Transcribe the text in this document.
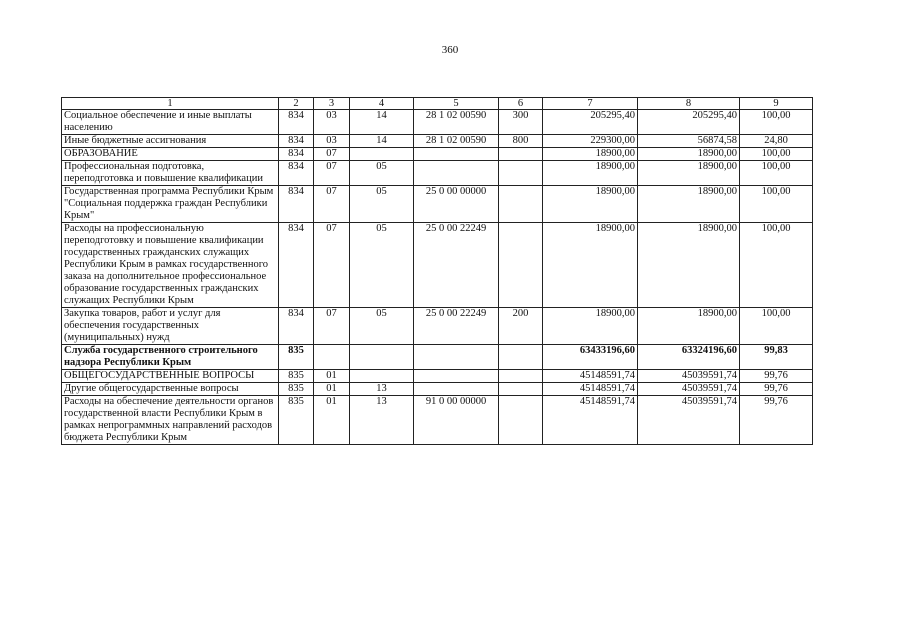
360
1	2	3	4	5	6	7	8	9
Социальное обеспечение и иные выплаты населению	834	03	14	28 1 02 00590	300	205295,40	205295,40	100,00
Иные бюджетные ассигнования	834	03	14	28 1 02 00590	800	229300,00	56874,58	24,80
ОБРАЗОВАНИЕ	834	07				18900,00	18900,00	100,00
Профессиональная подготовка, переподготовка и повышение квалификации	834	07	05			18900,00	18900,00	100,00
Государственная программа Республики Крым "Социальная поддержка граждан Республики Крым"	834	07	05	25 0 00 00000		18900,00	18900,00	100,00
Расходы на профессиональную переподготовку и повышение квалификации государственных гражданских служащих Республики Крым в рамках государственного заказа на дополнительное профессиональное образование государственных гражданских служащих Республики Крым	834	07	05	25 0 00 22249		18900,00	18900,00	100,00
Закупка товаров, работ и услуг для обеспечения государственных (муниципальных) нужд	834	07	05	25 0 00 22249	200	18900,00	18900,00	100,00
Служба государственного строительного надзора Республики Крым	835					63433196,60	63324196,60	99,83
ОБЩЕГОСУДАРСТВЕННЫЕ ВОПРОСЫ	835	01				45148591,74	45039591,74	99,76
Другие общегосударственные вопросы	835	01	13			45148591,74	45039591,74	99,76
Расходы на обеспечение деятельности органов государственной власти Республики Крым в рамках непрограммных направлений расходов бюджета Республики Крым	835	01	13	91 0 00 00000		45148591,74	45039591,74	99,76
